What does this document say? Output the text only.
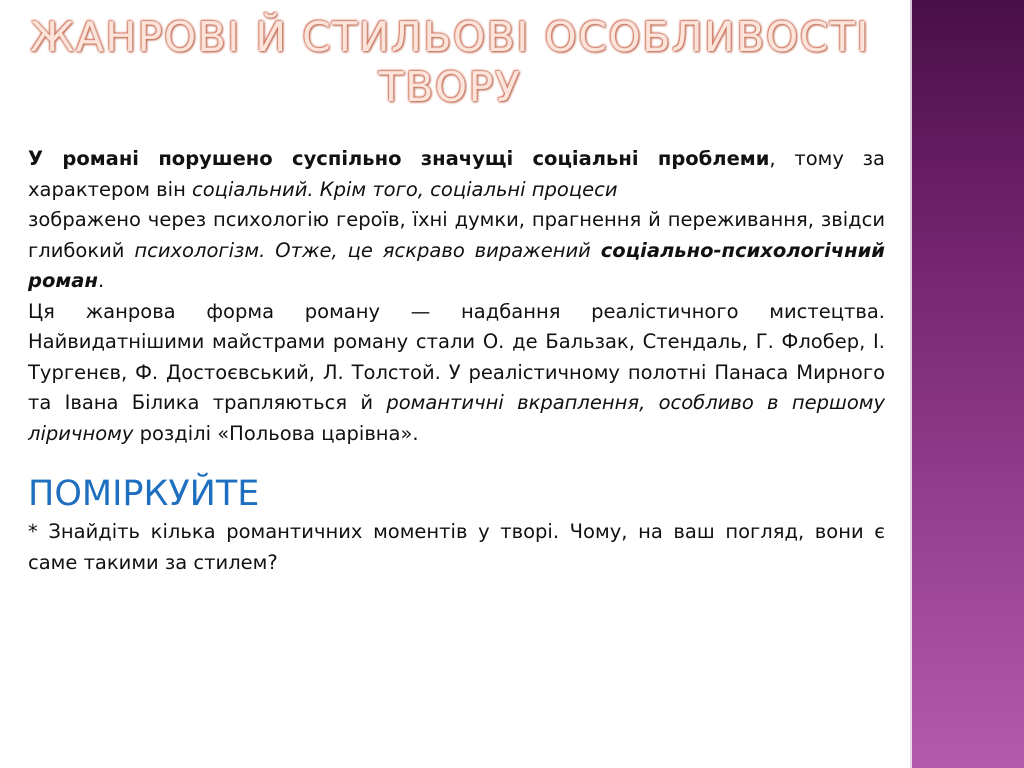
ЖАНРОВІ Й СТИЛЬОВІ ОСОБЛИВОСТІ
ТВОРУ

У романі порушено суспільно значущі соціальні проблеми, тому за характером він соціальний. Крім того, соціальні процеси
зображено через психологію героїв, їхні думки, прагнення й переживання, звідси глибокий психологізм. Отже, це яскраво виражений соціально-психологічний роман.

Ця жанрова форма роману — надбання реалістичного мистецтва. Найвидатнішими майстрами роману стали О. де Бальзак, Стендаль, Г. Флобер, І. Тургенєв, Ф. Достоєвський, Л. Толстой. У реалістичному полотні Панаса Мирного та Івана Білика трапляються й романтичні вкраплення, особливо в першому ліричному розділі «Польова царівна».

ПОМІРКУЙТЕ

* Знайдіть кілька романтичних моментів у творі. Чому, на ваш погляд, вони є саме такими за стилем?
